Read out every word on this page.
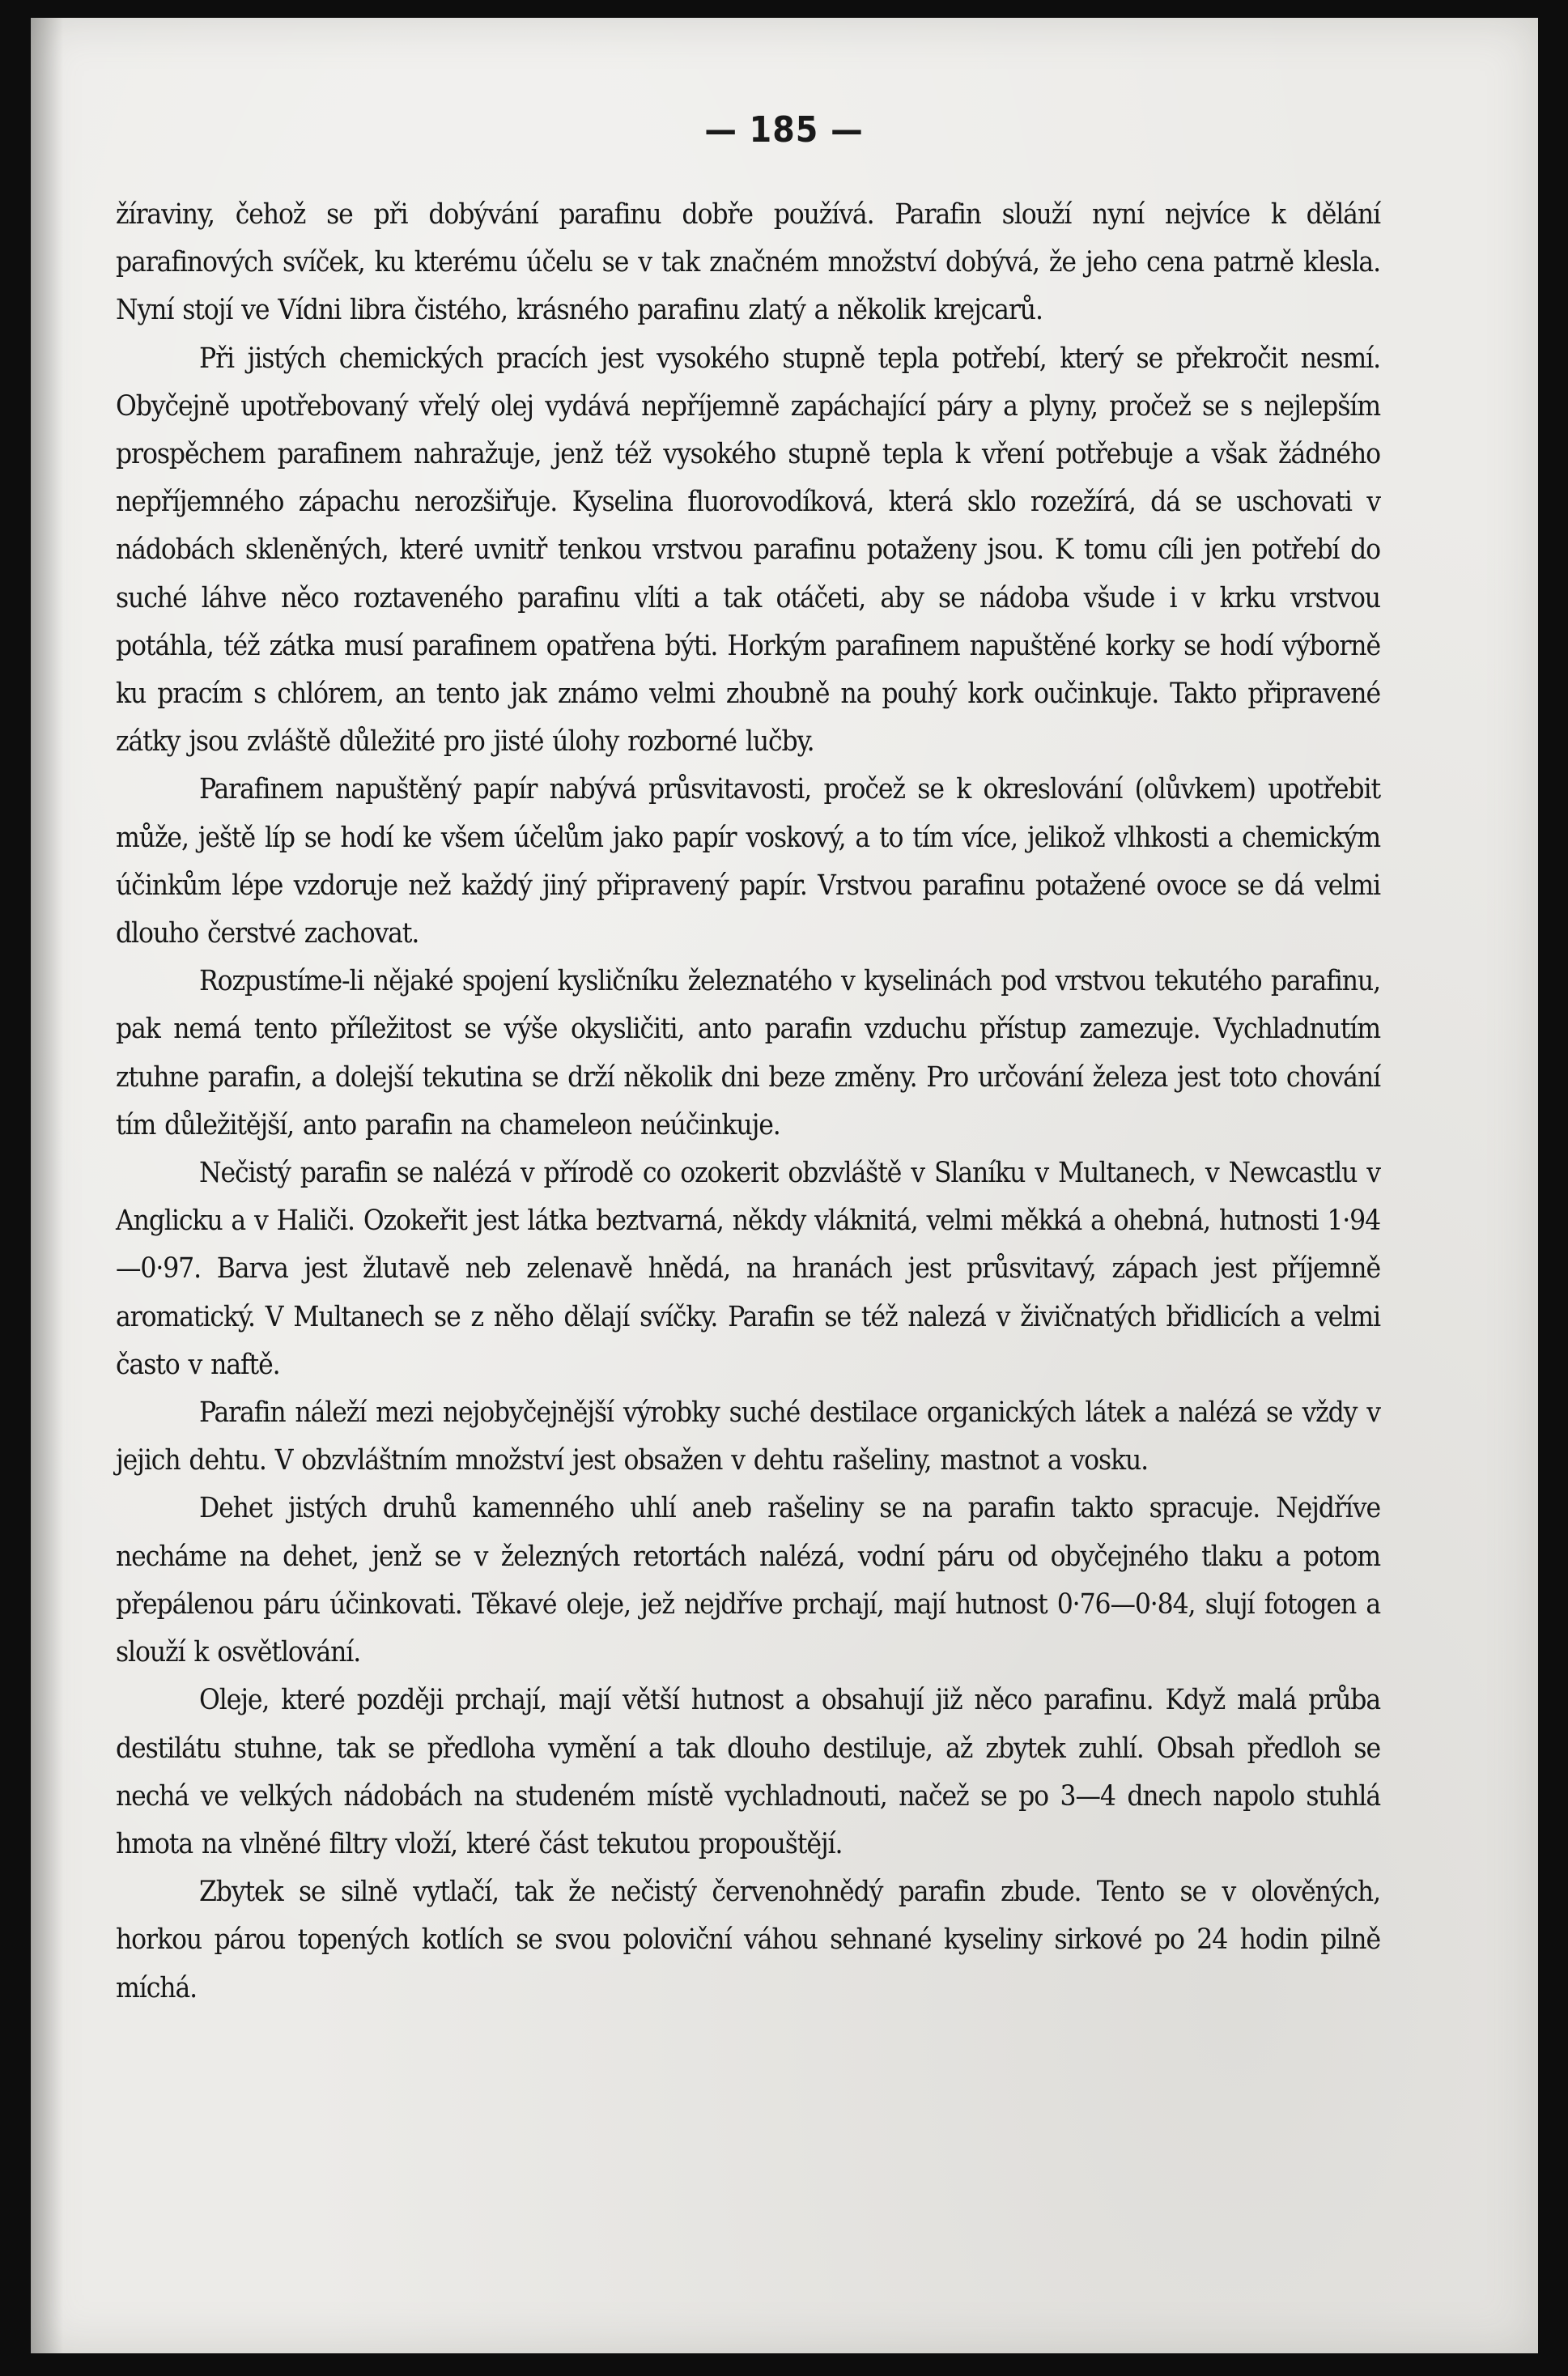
— 185 —

žíraviny, čehož se při dobývání parafinu dobře používá. Parafin slouží nyní nejvíce k dělání parafinových svíček, ku kterému účelu se v tak značném množství dobývá, že jeho cena patrně klesla. Nyní stojí ve Vídni libra čistého, krásného parafinu zlatý a několik krejcarů.

Při jistých chemických pracích jest vysokého stupně tepla potřebí, který se překročit nesmí. Obyčejně upotřebovaný vřelý olej vydává nepříjemně zapáchající páry a plyny, pročež se s nejlepším prospěchem parafinem nahražuje, jenž též vysokého stupně tepla k vření potřebuje a však žádného nepříjemného zápachu nerozšiřuje. Kyselina fluorovodíková, která sklo rozežírá, dá se uschovati v nádobách skleněných, které uvnitř tenkou vrstvou parafinu potaženy jsou. K tomu cíli jen potřebí do suché láhve něco roztaveného parafinu vlíti a tak otáčeti, aby se nádoba všude i v krku vrstvou potáhla, též zátka musí parafinem opatřena býti. Horkým parafinem napuštěné korky se hodí výborně ku pracím s chlórem, an tento jak známo velmi zhoubně na pouhý kork oučinkuje. Takto připravené zátky jsou zvláště důležité pro jisté úlohy rozborné lučby.

Parafinem napuštěný papír nabývá průsvitavosti, pročež se k okreslování (olůvkem) upotřebit může, ještě líp se hodí ke všem účelům jako papír voskový, a to tím více, jelikož vlhkosti a chemickým účinkům lépe vzdoruje než každý jiný připravený papír. Vrstvou parafinu potažené ovoce se dá velmi dlouho čerstvé zachovat.

Rozpustíme-li nějaké spojení kysličníku železnatého v kyselinách pod vrstvou tekutého parafinu, pak nemá tento příležitost se výše okysličiti, anto parafin vzduchu přístup zamezuje. Vychladnutím ztuhne parafin, a dolejší tekutina se drží několik dni beze změny. Pro určování železa jest toto chování tím důležitější, anto parafin na chameleon neúčinkuje.

Nečistý parafin se nalézá v přírodě co ozokerit obzvláště v Slaníku v Multanech, v Newcastlu v Anglicku a v Haliči. Ozokeřit jest látka beztvarná, někdy vláknitá, velmi měkká a ohebná, hutnosti 1·94—0·97. Barva jest žlutavě neb zelenavě hnědá, na hranách jest průsvitavý, zápach jest příjemně aromatický. V Multanech se z něho dělají svíčky. Parafin se též nalezá v živičnatých břidlicích a velmi často v naftě.

Parafin náleží mezi nejobyčejnější výrobky suché destilace organických látek a nalézá se vždy v jejich dehtu. V obzvláštním množství jest obsažen v dehtu rašeliny, mastnot a vosku.

Dehet jistých druhů kamenného uhlí aneb rašeliny se na parafin takto spracuje. Nejdříve necháme na dehet, jenž se v železných retortách nalézá, vodní páru od obyčejného tlaku a potom přepálenou páru účinkovati. Těkavé oleje, jež nejdříve prchají, mají hutnost 0·76—0·84, slují fotogen a slouží k osvětlování.

Oleje, které později prchají, mají větší hutnost a obsahují již něco parafinu. Když malá průba destilátu stuhne, tak se předloha vymění a tak dlouho destiluje, až zbytek zuhlí. Obsah předloh se nechá ve velkých nádobách na studeném místě vychladnouti, načež se po 3—4 dnech napolo stuhlá hmota na vlněné filtry vloží, které část tekutou propouštějí.

Zbytek se silně vytlačí, tak že nečistý červenohnědý parafin zbude. Tento se v olověných, horkou párou topených kotlích se svou poloviční váhou sehnané kyseliny sirkové po 24 hodin pilně míchá.
